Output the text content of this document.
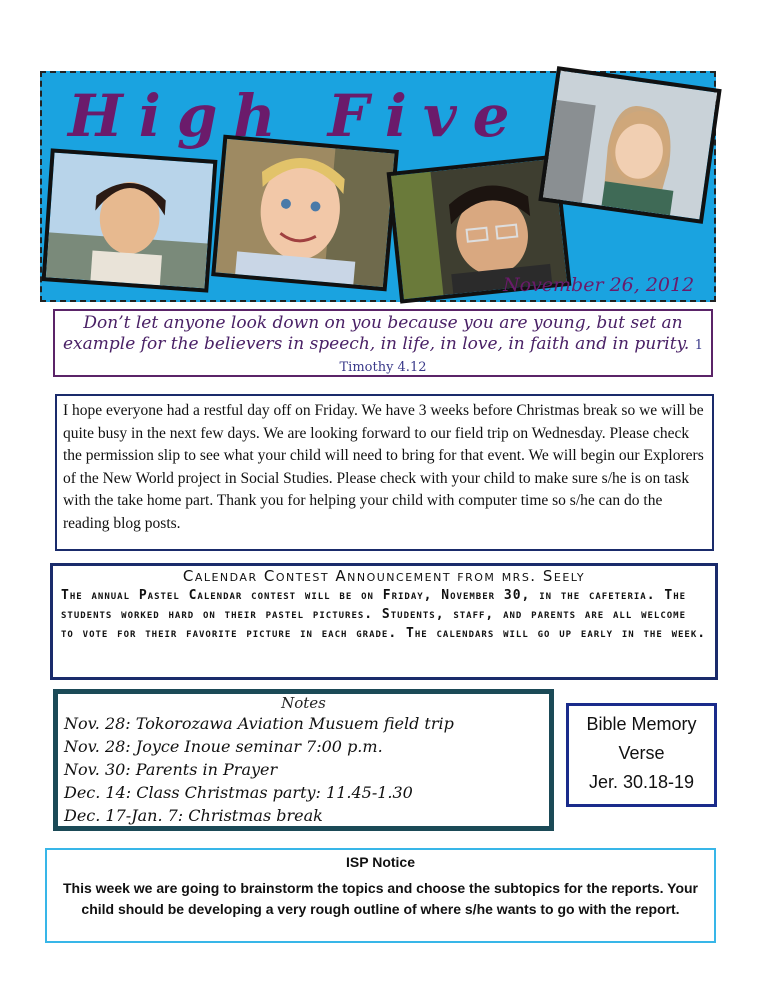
High Five
November 26, 2012

Don’t let anyone look down on you because you are young, but set an example for the believers in speech, in life, in love, in faith and in purity. 1 Timothy 4.12

I hope everyone had a restful day off on Friday. We have 3 weeks before Christmas break so we will be quite busy in the next few days. We are looking forward to our field trip on Wednesday. Please check the permission slip to see what your child will need to bring for that event. We will begin our Explorers of the New World project in Social Studies. Please check with your child to make sure s/he is on task with the take home part. Thank you for helping your child with computer time so s/he can do the reading blog posts.

Calendar Contest Announcement from mrs. Seely
The annual Pastel Calendar contest will be on Friday, November 30, in the cafeteria. The students worked hard on their pastel pictures. Students, staff, and parents are all welcome to vote for their favorite picture in each grade. The calendars will go up early in the week.
Notes
Nov. 28: Tokorozawa Aviation Musuem field trip
Nov. 28: Joyce Inoue seminar 7:00 p.m.
Nov. 30: Parents in Prayer
Dec. 14: Class Christmas party: 11.45-1.30
Dec. 17-Jan. 7: Christmas break
Bible Memory
Verse
Jer. 30.18-19
ISP Notice
This week we are going to brainstorm the topics and choose the subtopics for the reports. Your child should be developing a very rough outline of where s/he wants to go with the report.
